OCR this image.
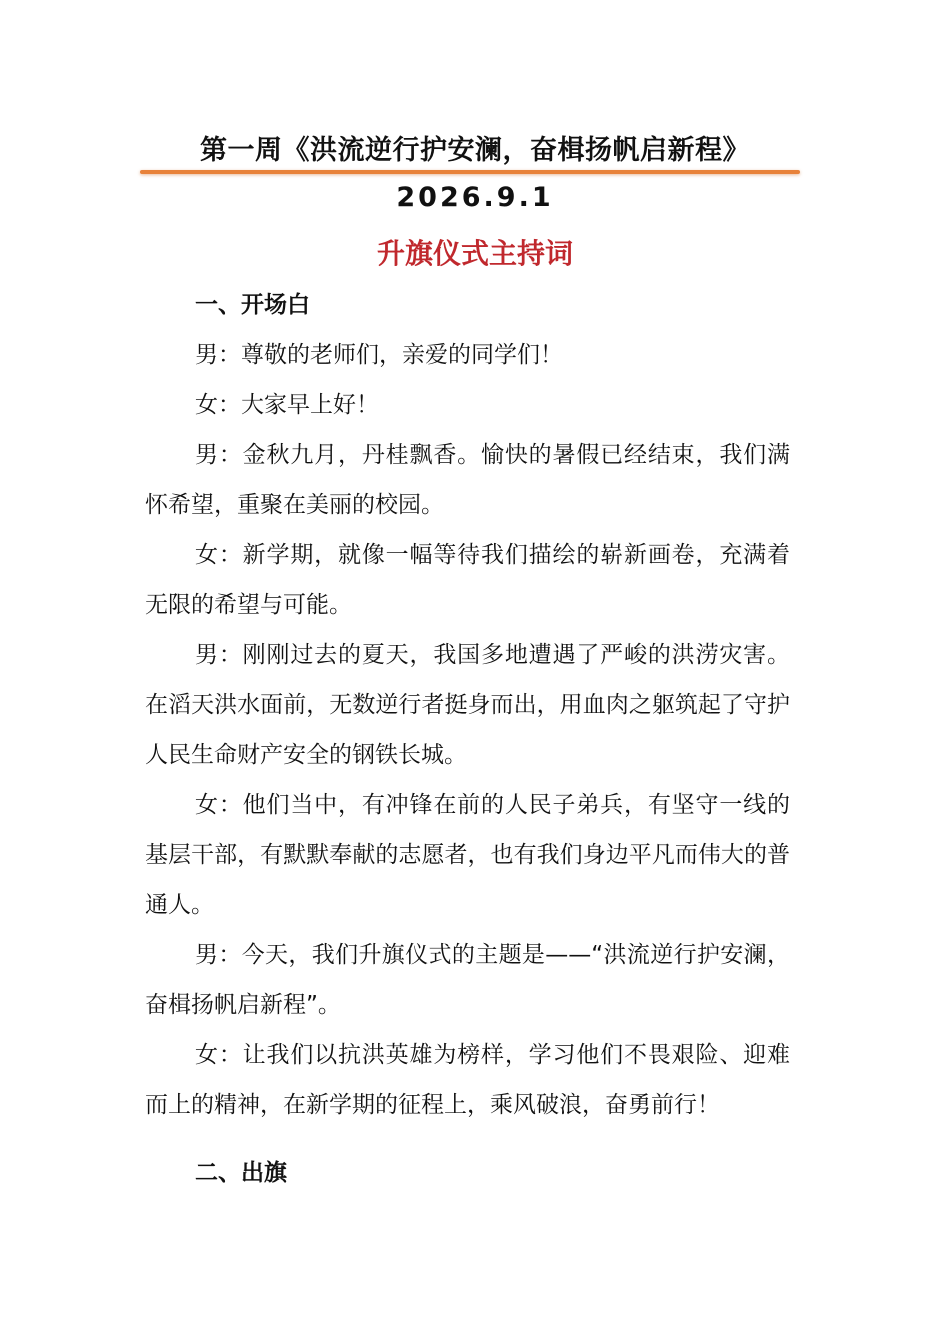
第一周《洪流逆行护安澜，奋楫扬帆启新程》
2026.9.1
升旗仪式主持词

一、开场白

男：尊敬的老师们，亲爱的同学们！

女：大家早上好！

男：金秋九月，丹桂飘香。愉快的暑假已经结束，我们满怀希望，重聚在美丽的校园。

女：新学期，就像一幅等待我们描绘的崭新画卷，充满着无限的希望与可能。

男：刚刚过去的夏天，我国多地遭遇了严峻的洪涝灾害。在滔天洪水面前，无数逆行者挺身而出，用血肉之躯筑起了守护人民生命财产安全的钢铁长城。

女：他们当中，有冲锋在前的人民子弟兵，有坚守一线的基层干部，有默默奉献的志愿者，也有我们身边平凡而伟大的普通人。

男：今天，我们升旗仪式的主题是——“洪流逆行护安澜，奋楫扬帆启新程”。

女：让我们以抗洪英雄为榜样，学习他们不畏艰险、迎难而上的精神，在新学期的征程上，乘风破浪，奋勇前行！

二、出旗
